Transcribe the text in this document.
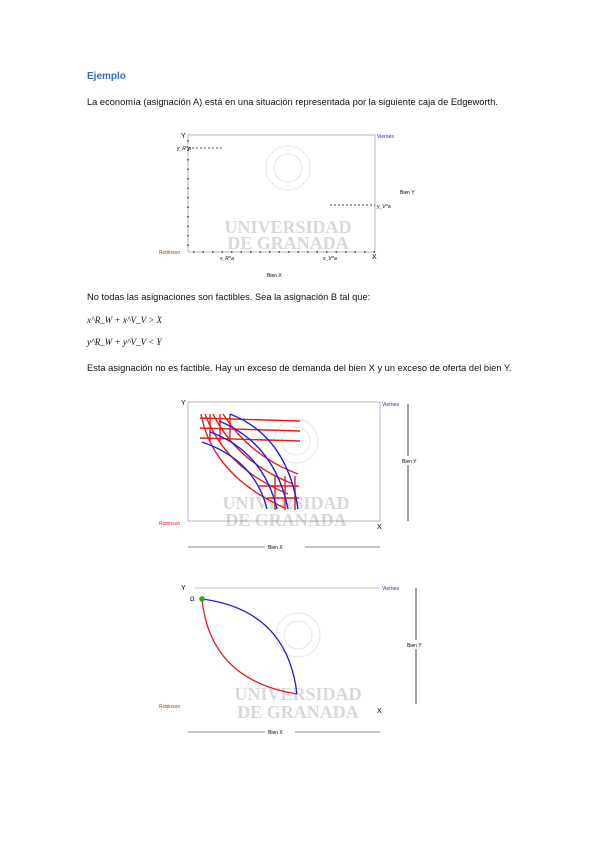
Ejemplo
La economía (asignación A) está en una situación representada por la siguiente caja de Edgeworth.
UNIVERSIDAD
DE GRANADA
Y
X
Viernes
Robinson
Bien Y
Bien X
y_R^a
x_R^a	x_V^a
y_V^a
No todas las asignaciones son factibles. Sea la asignación B tal que:
x^R_W + x^V_V > X
y^R_W + y^V_V < Y
Esta asignación no es factible. Hay un exceso de demanda del bien X y un exceso de oferta del bien Y.
UNIVERSIDAD
DE GRANADA
Y
X
Viernes
Robinson
Bien Y
Bien X
UNIVERSIDAD
DE GRANADA
Y
X
Viernes
Robinson
Bien Y
Bien X
Ω
